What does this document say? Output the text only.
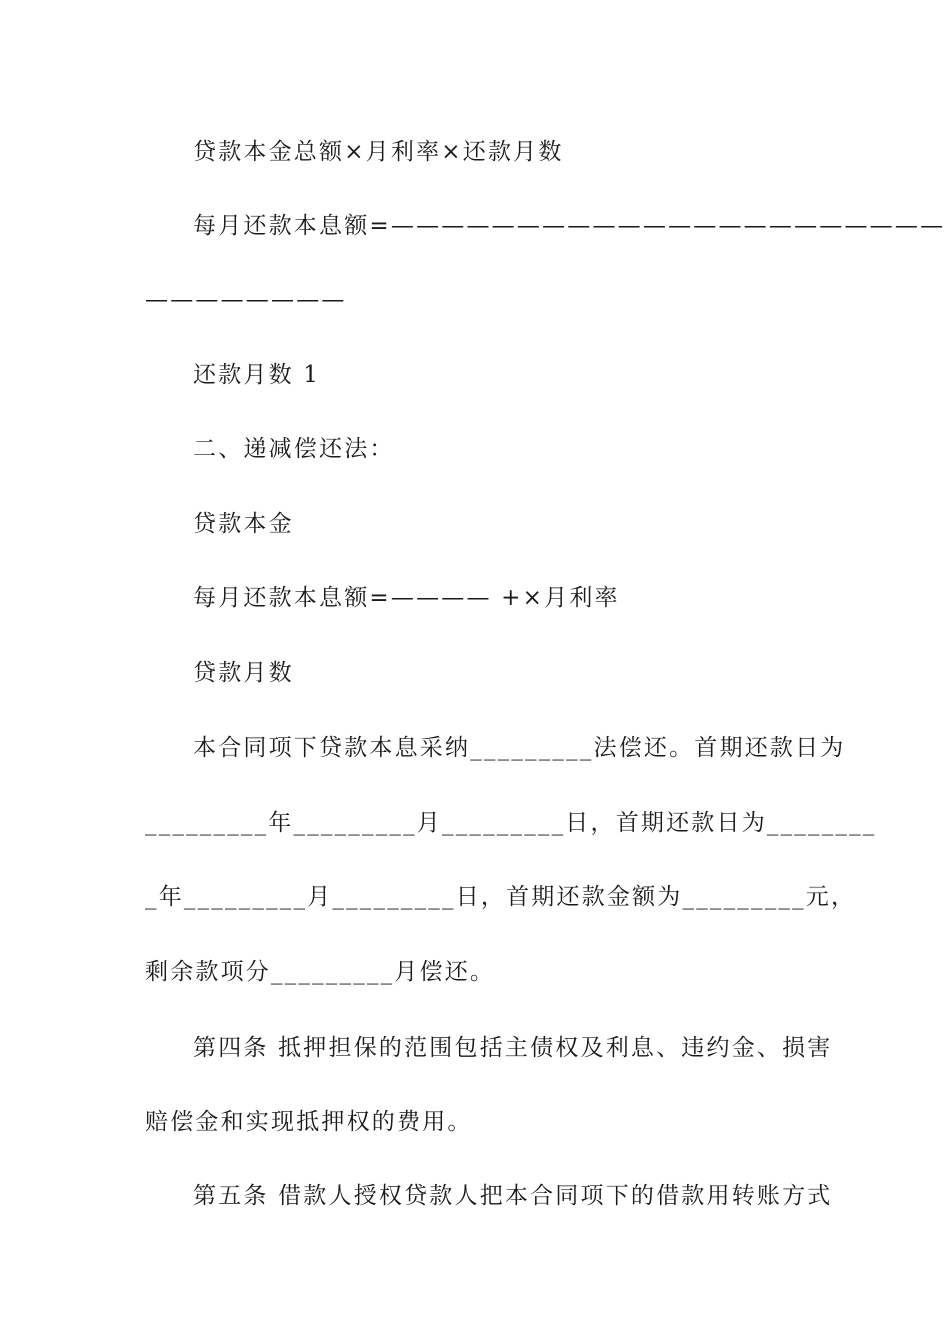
贷款本金总额×月利率×还款月数
每月还款本息额=——————————————————————
————————
还款月数 1
二、递减偿还法：
贷款本金
每月还款本息额=———— +×月利率
贷款月数
本合同项下贷款本息采纳_________法偿还。首期还款日为
_________年_________月_________日，首期还款日为________
_年_________月_________日，首期还款金额为_________元，
剩余款项分_________月偿还。
第四条 抵押担保的范围包括主债权及利息、违约金、损害
赔偿金和实现抵押权的费用。
第五条 借款人授权贷款人把本合同项下的借款用转账方式
